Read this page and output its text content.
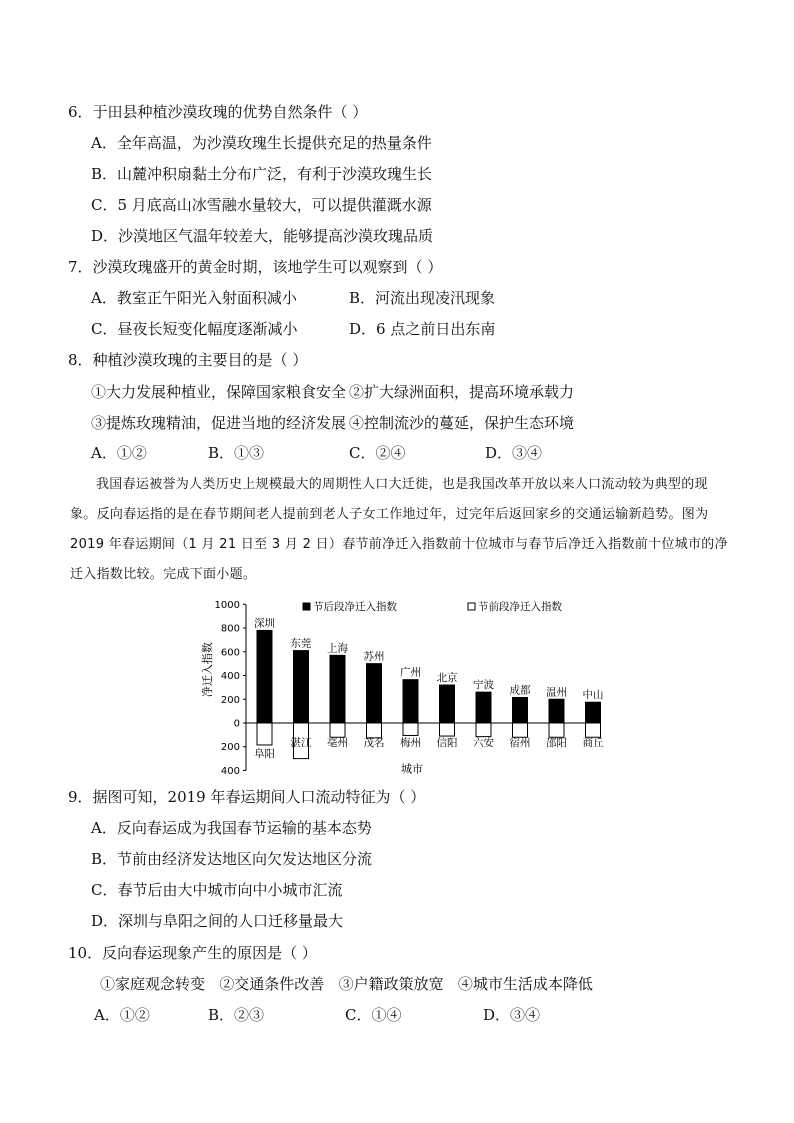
6．于田县种植沙漠玫瑰的优势自然条件（ ）
A．全年高温，为沙漠玫瑰生长提供充足的热量条件
B．山麓冲积扇黏土分布广泛，有利于沙漠玫瑰生长
C．5 月底高山冰雪融水量较大，可以提供灌溉水源
D．沙漠地区气温年较差大，能够提高沙漠玫瑰品质
7．沙漠玫瑰盛开的黄金时期，该地学生可以观察到（ ）
A．教室正午阳光入射面积减小	B．河流出现凌汛现象
C．昼夜长短变化幅度逐渐减小	D．6 点之前日出东南
8．种植沙漠玫瑰的主要目的是（ ）
①大力发展种植业，保障国家粮食安全 ②扩大绿洲面积，提高环境承载力
③提炼玫瑰精油，促进当地的经济发展 ④控制流沙的蔓延，保护生态环境
A．①②	B．①③	C．②④	D．③④
我国春运被誉为人类历史上规模最大的周期性人口大迁徙，也是我国改革开放以来人口流动较为典型的现象。反向春运指的是在春节期间老人提前到老人子女工作地过年，过完年后返回家乡的交通运输新趋势。图为 2019 年春运期间（1 月 21 日至 3 月 2 日）春节前净迁入指数前十位城市与春节后净迁入指数前十位城市的净迁入指数比较。完成下面小题。
1000
800
600
400
200
0
200
400
净迁入指数
城市
节后段净迁入指数	节前段净迁入指数
深圳
东莞 上海
苏州
广州 北京
宁波 成都 温州 中山
阜阳
湛江 亳州 茂名 梅州 信阳 六安 宿州 邵阳 商丘
9．据图可知，2019 年春运期间人口流动特征为（ ）
A．反向春运成为我国春节运输的基本态势
B．节前由经济发达地区向欠发达地区分流
C．春节后由大中城市向中小城市汇流
D．深圳与阜阳之间的人口迁移量最大
10．反向春运现象产生的原因是（ ）
①家庭观念转变   ②交通条件改善   ③户籍政策放宽   ④城市生活成本降低
A．①②	B．②③	C．①④	D．③④
